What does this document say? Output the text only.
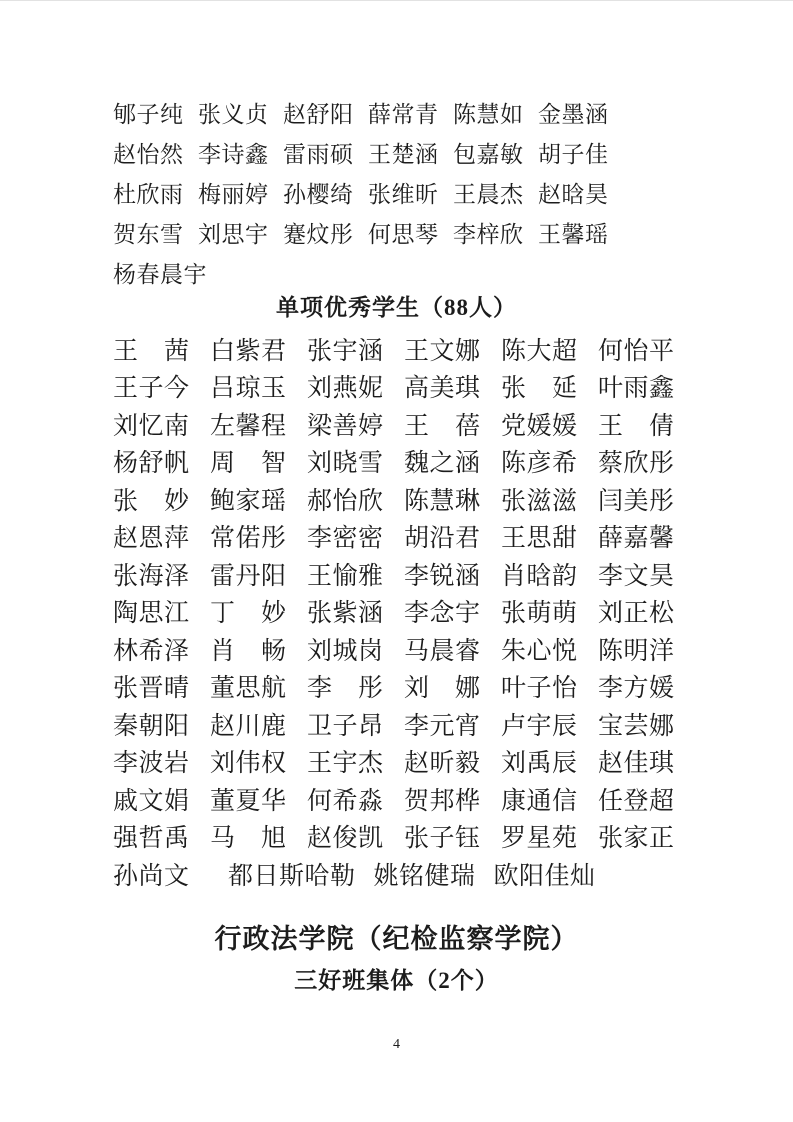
郇子纯 张义贞 赵舒阳 薛常青 陈慧如 金墨涵
赵怡然 李诗鑫 雷雨硕 王楚涵 包嘉敏 胡子佳
杜欣雨 梅丽婷 孙樱绮 张维昕 王晨杰 赵晗昊
贺东雪 刘思宇 蹇炆彤 何思琴 李梓欣 王馨瑶
杨春晨宇
单项优秀学生（88人）
王　茜 白紫君 张宇涵 王文娜 陈大超 何怡平
王子今 吕琼玉 刘燕妮 高美琪 张　延 叶雨鑫
刘忆南 左馨程 梁善婷 王　蓓 党媛媛 王　倩
杨舒帆 周　智 刘晓雪 魏之涵 陈彦希 蔡欣彤
张　妙 鲍家瑶 郝怡欣 陈慧琳 张滋滋 闫美彤
赵恩萍 常偌彤 李密密 胡沿君 王思甜 薛嘉馨
张海泽 雷丹阳 王愉雅 李锐涵 肖晗韵 李文昊
陶思江 丁　妙 张紫涵 李念宇 张萌萌 刘正松
林希泽 肖　畅 刘城岗 马晨睿 朱心悦 陈明洋
张晋晴 董思航 李　彤 刘　娜 叶子怡 李方媛
秦朝阳 赵川鹿 卫子昂 李元宵 卢宇辰 宝芸娜
李波岩 刘伟权 王宇杰 赵昕毅 刘禹辰 赵佳琪
戚文娟 董夏华 何希淼 贺邦桦 康通信 任登超
强哲禹 马　旭 赵俊凯 张子钰 罗星苑 张家正
孙尚文	都日斯哈勒 姚铭健瑞 欧阳佳灿
行政法学院（纪检监察学院）
三好班集体（2个）
4
